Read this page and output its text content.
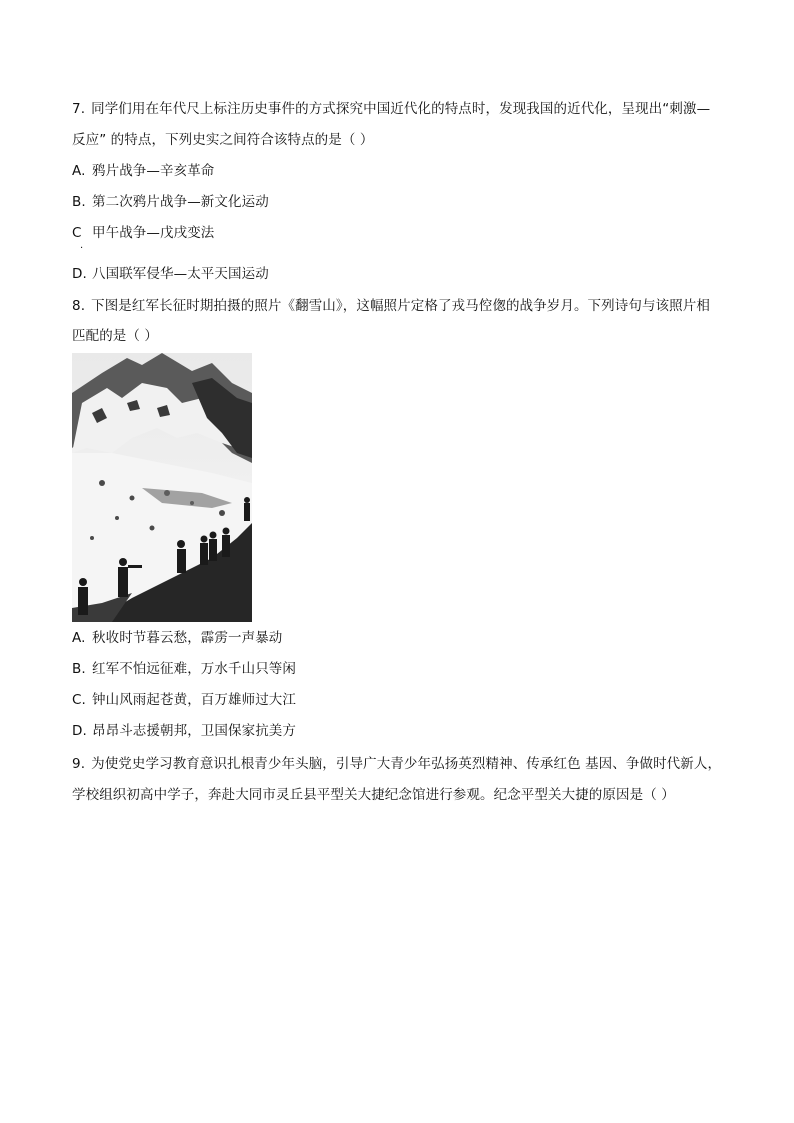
7. 同学们用在年代尺上标注历史事件的方式探究中国近代化的特点时，发现我国的近代化，呈现出“刺激—
反应” 的特点，下列史实之间符合该特点的是（ ）
A. 鸦片战争—辛亥革命
B. 第二次鸦片战争—新文化运动
C 甲午战争—戊戌变法
·
D. 八国联军侵华—太平天国运动
8. 下图是红军长征时期拍摄的照片《翻雪山》，这幅照片定格了戎马倥偬的战争岁月。下列诗句与该照片相
匹配的是（ ）
A. 秋收时节暮云愁，霹雳一声暴动
B. 红军不怕远征难，万水千山只等闲
C. 钟山风雨起苍黄，百万雄师过大江
D. 昂昂斗志援朝邦，卫国保家抗美方
9. 为使党史学习教育意识扎根青少年头脑，引导广大青少年弘扬英烈精神、传承红色 基因、争做时代新人，
学校组织初高中学子，奔赴大同市灵丘县平型关大捷纪念馆进行参观。纪念平型关大捷的原因是（ ）
